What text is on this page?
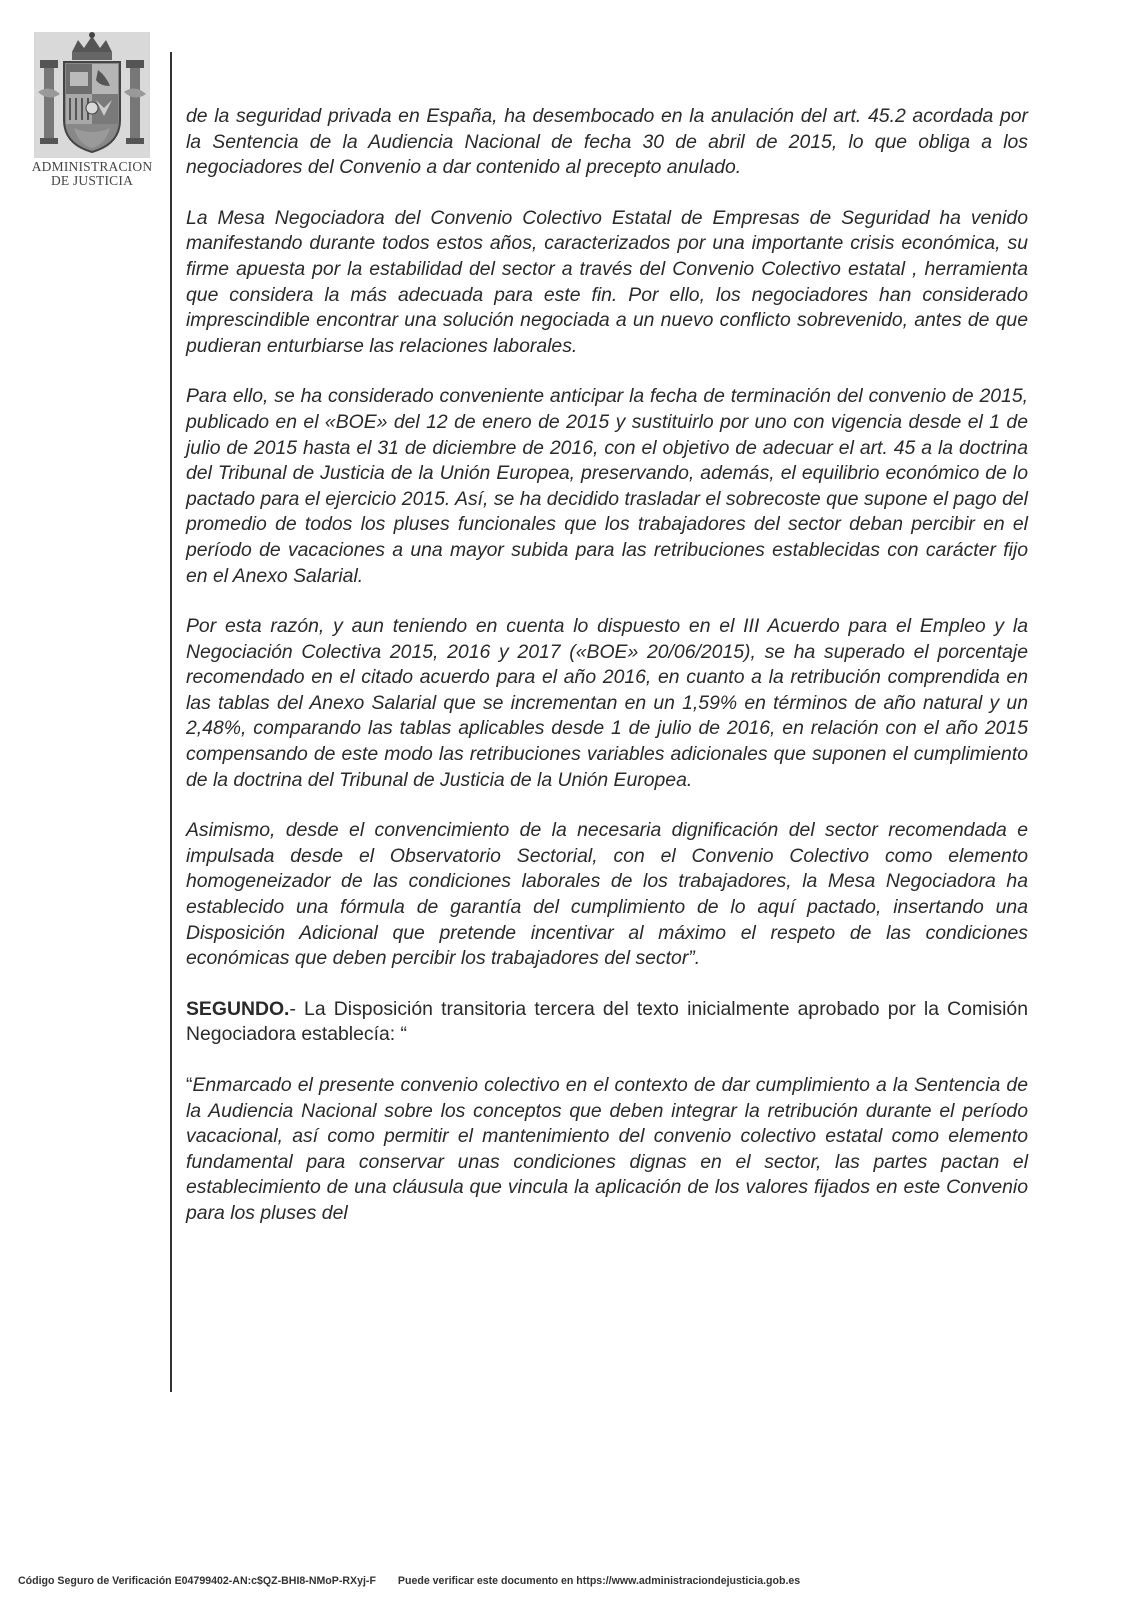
ADMINISTRACION
DE JUSTICIA

de la seguridad privada en España, ha desembocado en la anulación del art. 45.2 acordada por la Sentencia de la Audiencia Nacional de fecha 30 de abril de 2015, lo que obliga a los negociadores del Convenio a dar contenido al precepto anulado.

La Mesa Negociadora del Convenio Colectivo Estatal de Empresas de Seguridad ha venido manifestando durante todos estos años, caracterizados por una importante crisis económica, su firme apuesta por la estabilidad del sector a través del Convenio Colectivo estatal , herramienta que considera la más adecuada para este fin. Por ello, los negociadores han considerado imprescindible encontrar una solución negociada a un nuevo conflicto sobrevenido, antes de que pudieran enturbiarse las relaciones laborales.

Para ello, se ha considerado conveniente anticipar la fecha de terminación del convenio de 2015, publicado en el «BOE» del 12 de enero de 2015 y sustituirlo por uno con vigencia desde el 1 de julio de 2015 hasta el 31 de diciembre de 2016, con el objetivo de adecuar el art. 45 a la doctrina del Tribunal de Justicia de la Unión Europea, preservando, además, el equilibrio económico de lo pactado para el ejercicio 2015. Así, se ha decidido trasladar el sobrecoste que supone el pago del promedio de todos los pluses funcionales que los trabajadores del sector deban percibir en el período de vacaciones a una mayor subida para las retribuciones establecidas con carácter fijo en el Anexo Salarial.

Por esta razón, y aun teniendo en cuenta lo dispuesto en el III Acuerdo para el Empleo y la Negociación Colectiva 2015, 2016 y 2017 («BOE» 20/06/2015), se ha superado el porcentaje recomendado en el citado acuerdo para el año 2016, en cuanto a la retribución comprendida en las tablas del Anexo Salarial que se incrementan en un 1,59% en términos de año natural y un 2,48%, comparando las tablas aplicables desde 1 de julio de 2016, en relación con el año 2015 compensando de este modo las retribuciones variables adicionales que suponen el cumplimiento de la doctrina del Tribunal de Justicia de la Unión Europea.

Asimismo, desde el convencimiento de la necesaria dignificación del sector recomendada e impulsada desde el Observatorio Sectorial, con el Convenio Colectivo como elemento homogeneizador de las condiciones laborales de los trabajadores, la Mesa Negociadora ha establecido una fórmula de garantía del cumplimiento de lo aquí pactado, insertando una Disposición Adicional que pretende incentivar al máximo el respeto de las condiciones económicas que deben percibir los trabajadores del sector”.

SEGUNDO.- La Disposición transitoria tercera del texto inicialmente aprobado por la Comisión Negociadora establecía: “

“Enmarcado el presente convenio colectivo en el contexto de dar cumplimiento a la Sentencia de la Audiencia Nacional sobre los conceptos que deben integrar la retribución durante el período vacacional, así como permitir el mantenimiento del convenio colectivo estatal como elemento fundamental para conservar unas condiciones dignas en el sector, las partes pactan el establecimiento de una cláusula que vincula la aplicación de los valores fijados en este Convenio para los pluses del

Código Seguro de Verificación E04799402-AN:c$QZ-BHI8-NMoP-RXyj-F Puede verificar este documento en https://www.administraciondejusticia.gob.es
